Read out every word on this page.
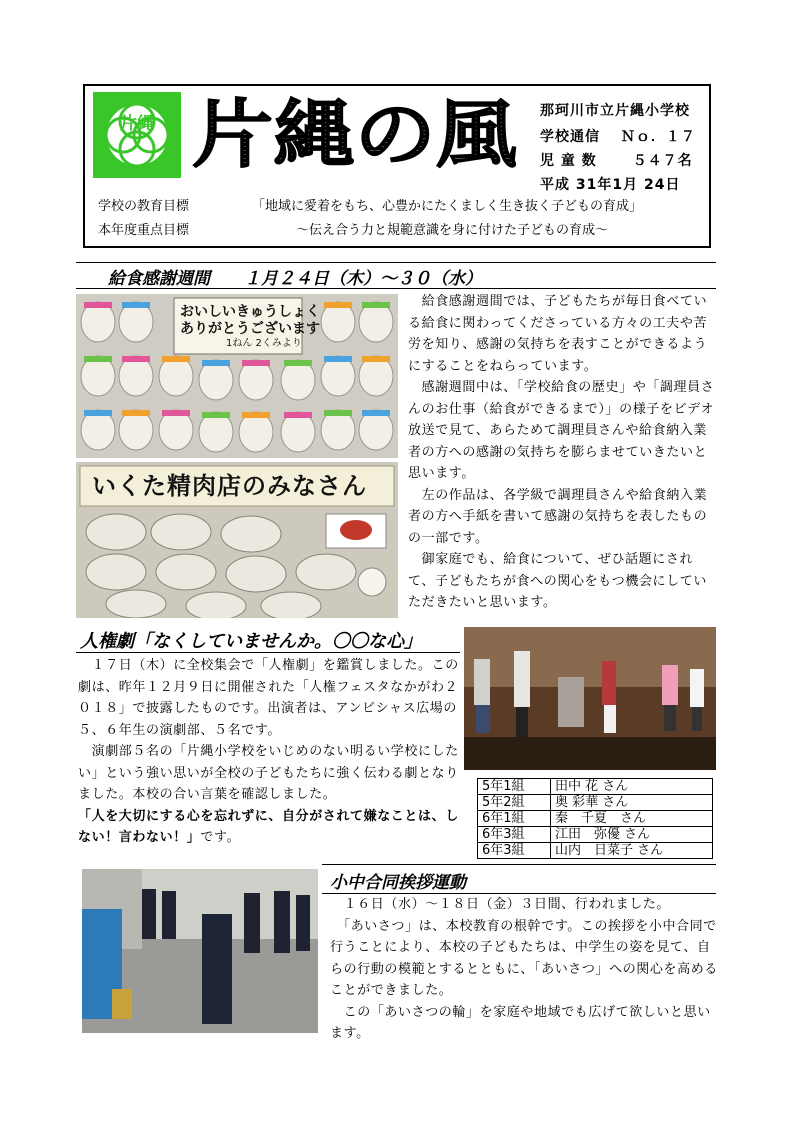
片縄 片縄の風 那珂川市立片縄小学校
学校通信　 Ｎｏ．１７
児 童 数 　　５４７名
平成 31年1月 24日
学校の教育目標	「地域に愛着をもち、心豊かにたくましく生き抜く子どもの育成」
本年度重点目標	～伝え合う力と規範意識を身に付けた子どもの育成～
給食感謝週間　　１月２４日（木）～３０（水）
おいしいきゅうしょく
ありがとうございます
1ねん 2くみより
いくた精肉店のみなさん

　給食感謝週間では、子どもたちが毎日食べている給食に関わってくださっている方々の工夫や苦労を知り、感謝の気持ちを表すことができるようにすることをねらっています。

　感謝週間中は、「学校給食の歴史」や「調理員さんのお仕事（給食ができるまで）」の様子をビデオ放送で見て、あらためて調理員さんや給食納入業者の方への感謝の気持ちを膨らませていきたいと思います。

　左の作品は、各学級で調理員さんや給食納入業者の方へ手紙を書いて感謝の気持ちを表したものの一部です。

　御家庭でも、給食について、ぜひ話題にされて、子どもたちが食への関心をもつ機会にしていただきたいと思います。

人権劇「なくしていませんか。〇〇な心」

　１７日（木）に全校集会で「人権劇」を鑑賞しました。この劇は、昨年１２月９日に開催された「人権フェスタなかがわ２０１８」で披露したものです。出演者は、アンビシャス広場の５、６年生の演劇部、５名です。

　演劇部５名の「片縄小学校をいじめのない明るい学校にしたい」という強い思いが全校の子どもたちに強く伝わる劇となりました。本校の合い言葉を確認しました。

「人を大切にする心を忘れずに、自分がされて嫌なことは、しない！言わない！」です。

5年1組	田中 花 さん
5年2組	奥 彩華 さん
6年1組	秦　千夏　さん
6年3組	江田　弥優 さん
6年3組	山内　日菜子 さん
小中合同挨拶運動

　１６日（水）～１８日（金）３日間、行われました。

　「あいさつ」は、本校教育の根幹です。この挨拶を小中合同で行うことにより、本校の子どもたちは、中学生の姿を見て、自らの行動の模範とするとともに、「あいさつ」への関心を高めることができました。

　この「あいさつの輪」を家庭や地域でも広げて欲しいと思います。
